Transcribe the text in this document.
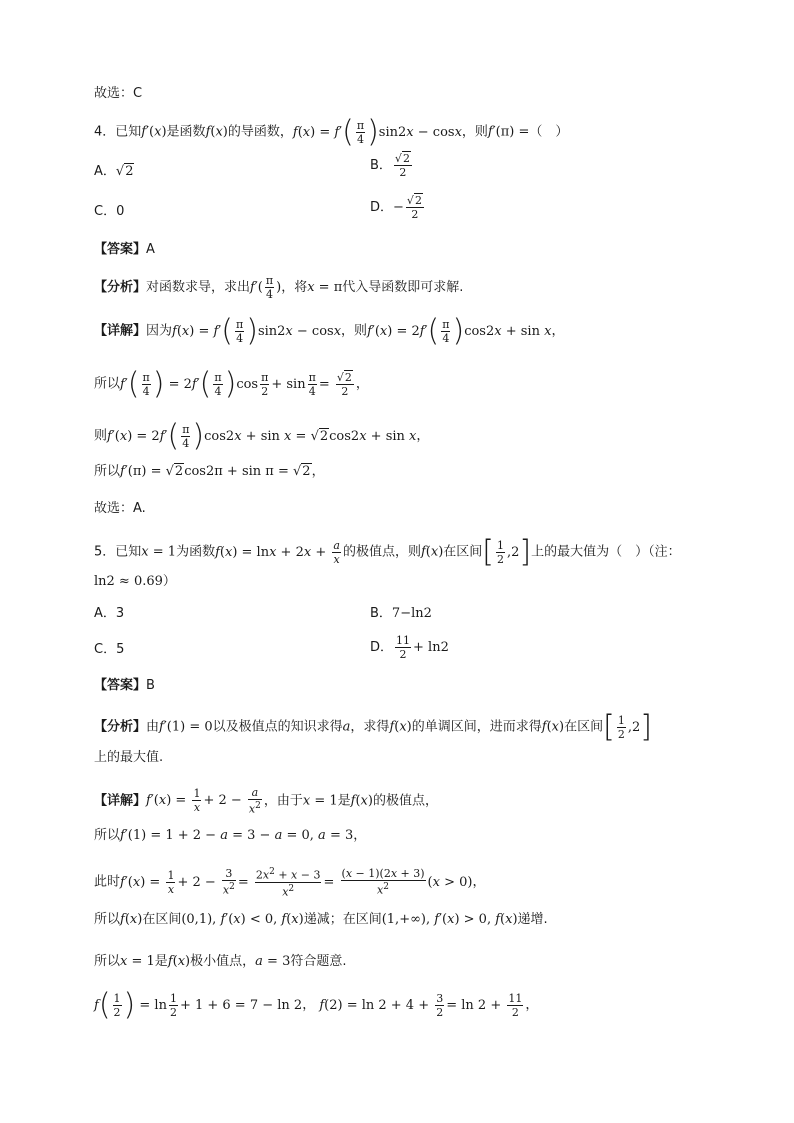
故选：C
4．已知f′(x)是函数f(x)的导函数，$f(x) = f'( \frac{\pi}{4} )\sin 2x - \cos x$，则f′(π) =（　）
A．√2	B． $\frac{√2}{2}$
C．0	D．− $\frac{√2}{2}$
【答案】A
【分析】对函数求导，求出$f'( \frac{\pi}{4}$ )，将x = π代入导函数即可求解.
【详解】因为$f(x) = f'( \frac{\pi}{4} )\sin 2x - \cos x$，则$f'(x) = 2f'( \frac{\pi}{4} )\cos 2x + \sin x$，
所以$f'( \frac{\pi}{4}$ ) = $2f'( \frac{\pi}{4} )\cos \frac{\pi}{2} + \sin \frac{\pi}{4} = \frac{√2}{2}$ ，
则$f'(x) = 2f'( \frac{\pi}{4} )\cos 2x + \sin x = √2\cos 2x + \sin x$，
所以f′(π) = √2cos2π + sin π = √2，
故选：A.
5．已知x = 1为函数$f(x) = \ln x + 2x + \frac{a}{x}$ 的极值点，则f(x)在区间[ $\frac{1}{2} ,2$]上的最大值为（　）（注：
ln2 ≈ 0.69）
A．3	B．7−ln2
C．5	D． $\frac{11}{2} + \ln 2$
【答案】B
【分析】由f′(1) = 0以及极值点的知识求得a，求得f(x)的单调区间，进而求得f(x)在区间[ $\frac{1}{2} ,2$]
上的最大值.
【详解】$f'(x) = \frac{1}{x} + 2 - \frac{a}{x^2}$ ，由于x = 1是f(x)的极值点，
所以f′(1) = 1 + 2 − a = 3 − a = 0, a = 3，
此时$f'(x) = \frac{1}{x} + 2 - \frac{3}{x^2} = \frac{2x^2 + x - 3}{x^2} = \frac{(x - 1)(2x + 3)}{x^2} (x > 0)$，
所以f(x)在区间(0,1), f′(x) < 0, f(x)递减；在区间(1,+∞), f′(x) > 0, f(x)递增.
所以x = 1是f(x)极小值点，a = 3符合题意.
$f( \frac{1}{2}$ ) = $\ln \frac{1}{2} + 1 + 6 = 7 - \ln 2$， $f(2) = \ln 2 + 4 + \frac{3}{2} = \ln 2 + \frac{11}{2}$ ，
